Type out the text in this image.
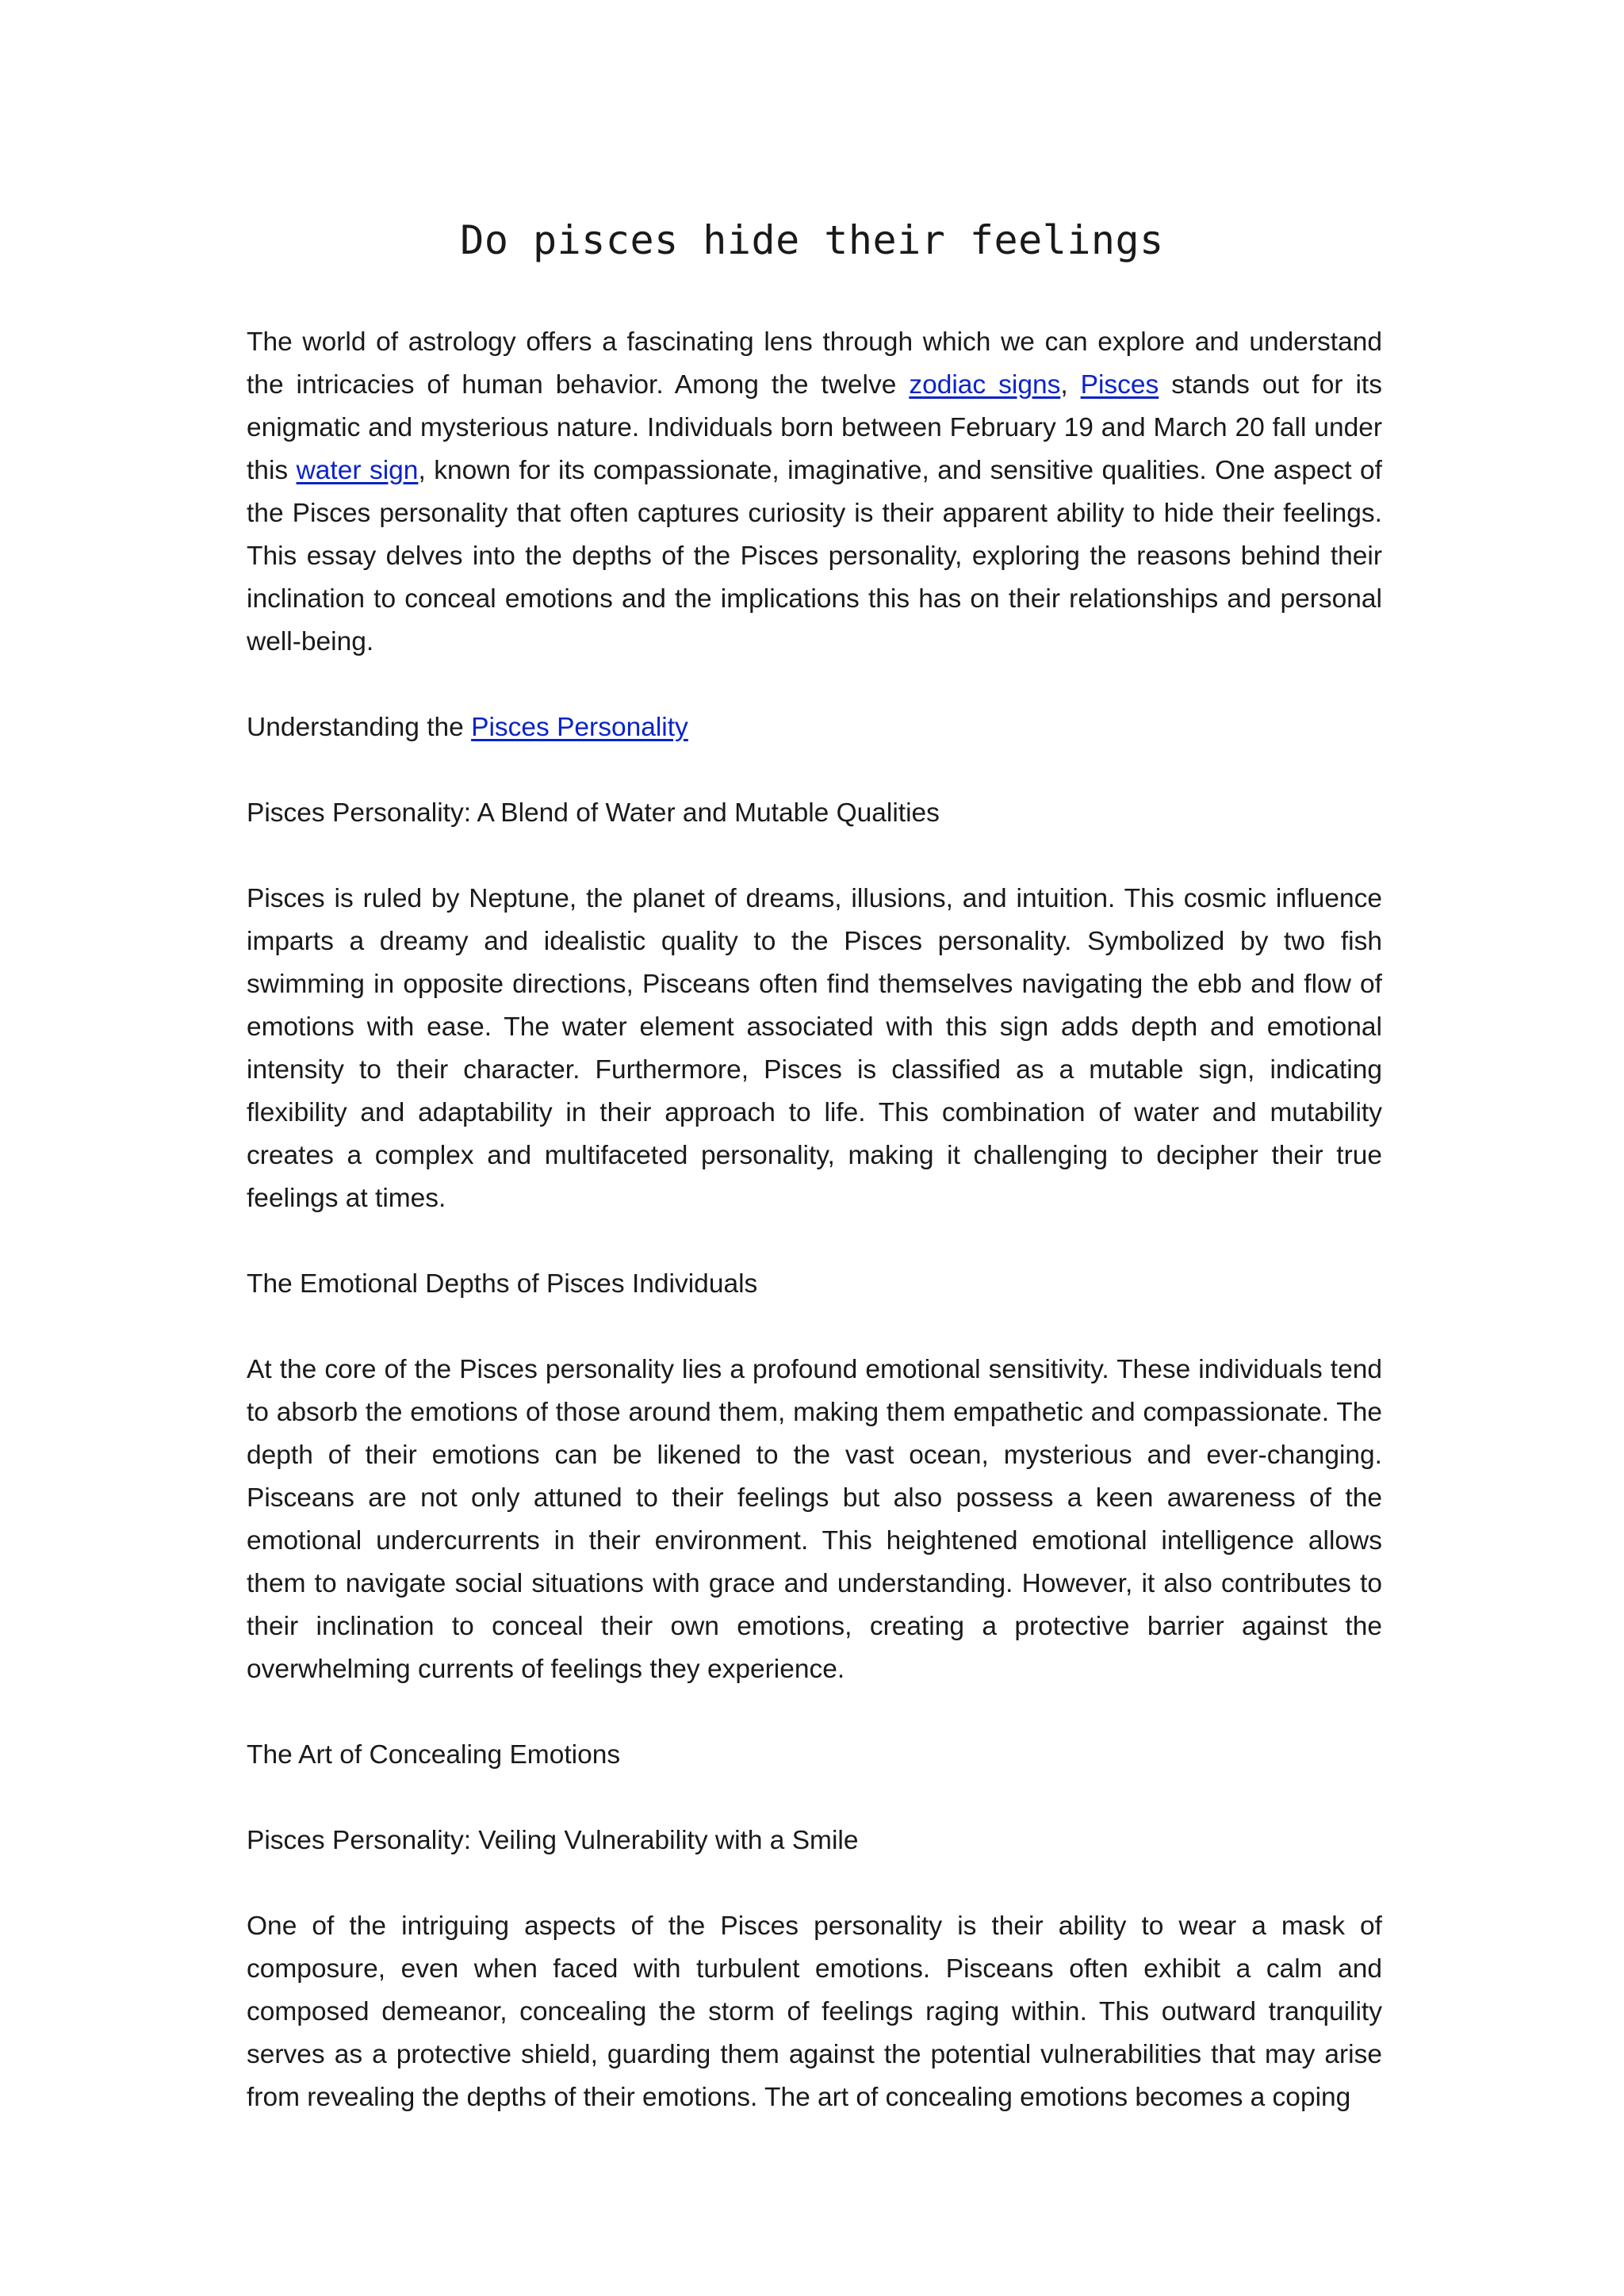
Do pisces hide their feelings

The world of astrology offers a fascinating lens through which we can explore and understand the intricacies of human behavior. Among the twelve zodiac signs, Pisces stands out for its enigmatic and mysterious nature. Individuals born between February 19 and March 20 fall under this water sign, known for its compassionate, imaginative, and sensitive qualities. One aspect of the Pisces personality that often captures curiosity is their apparent ability to hide their feelings. This essay delves into the depths of the Pisces personality, exploring the reasons behind their inclination to conceal emotions and the implications this has on their relationships and personal well-being.

Understanding the Pisces Personality

Pisces Personality: A Blend of Water and Mutable Qualities

Pisces is ruled by Neptune, the planet of dreams, illusions, and intuition. This cosmic influence imparts a dreamy and idealistic quality to the Pisces personality. Symbolized by two fish swimming in opposite directions, Pisceans often find themselves navigating the ebb and flow of emotions with ease. The water element associated with this sign adds depth and emotional intensity to their character. Furthermore, Pisces is classified as a mutable sign, indicating flexibility and adaptability in their approach to life. This combination of water and mutability creates a complex and multifaceted personality, making it challenging to decipher their true feelings at times.

The Emotional Depths of Pisces Individuals

At the core of the Pisces personality lies a profound emotional sensitivity. These individuals tend to absorb the emotions of those around them, making them empathetic and compassionate. The depth of their emotions can be likened to the vast ocean, mysterious and ever-changing. Pisceans are not only attuned to their feelings but also possess a keen awareness of the emotional undercurrents in their environment. This heightened emotional intelligence allows them to navigate social situations with grace and understanding. However, it also contributes to their inclination to conceal their own emotions, creating a protective barrier against the overwhelming currents of feelings they experience.

The Art of Concealing Emotions

Pisces Personality: Veiling Vulnerability with a Smile

One of the intriguing aspects of the Pisces personality is their ability to wear a mask of composure, even when faced with turbulent emotions. Pisceans often exhibit a calm and composed demeanor, concealing the storm of feelings raging within. This outward tranquility serves as a protective shield, guarding them against the potential vulnerabilities that may arise from revealing the depths of their emotions. The art of concealing emotions becomes a coping
